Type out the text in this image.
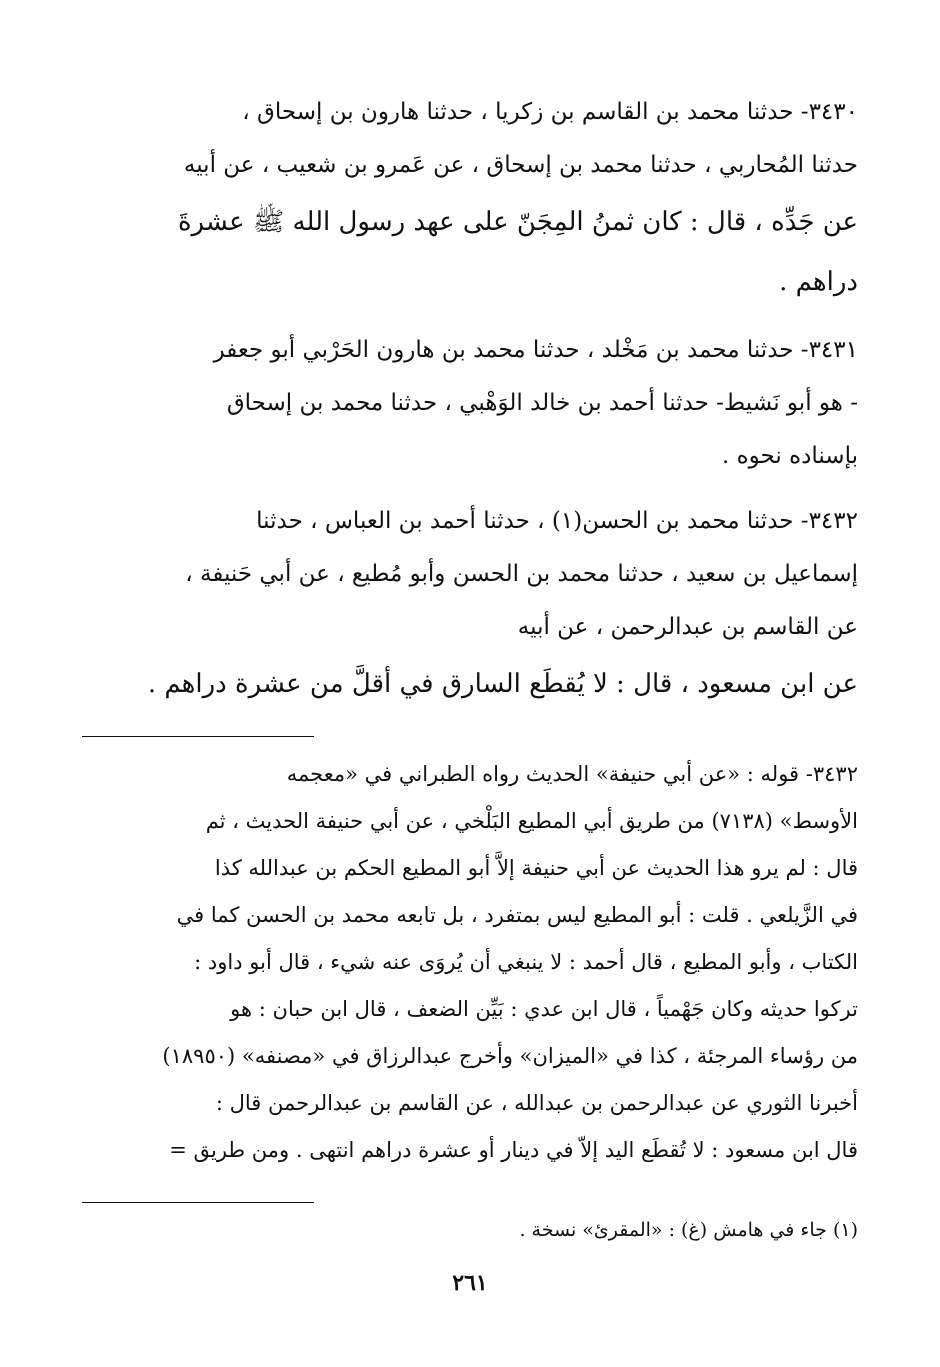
٣٤٣٠- حدثنا محمد بن القاسم بن زكريا ، حدثنا هارون بن إسحاق ،
حدثنا المُحاربي ، حدثنا محمد بن إسحاق ، عن عَمرو بن شعيب ، عن أبيه
عن جَدِّه ، قال : كان ثمنُ المِجَنّ على عهد رسول الله ﷺ عشرةَ
دراهم .
٣٤٣١- حدثنا محمد بن مَخْلد ، حدثنا محمد بن هارون الحَرْبي أبو جعفر
- هو أبو نَشيط- حدثنا أحمد بن خالد الوَهْبي ، حدثنا محمد بن إسحاق
بإسناده نحوه .
٣٤٣٢- حدثنا محمد بن الحسن(١) ، حدثنا أحمد بن العباس ، حدثنا
إسماعيل بن سعيد ، حدثنا محمد بن الحسن وأبو مُطيع ، عن أبي حَنيفة ،
عن القاسم بن عبدالرحمن ، عن أبيه
عن ابن مسعود ، قال : لا يُقطَع السارق في أقلَّ من عشرة دراهم .
٣٤٣٢- قوله : «عن أبي حنيفة» الحديث رواه الطبراني في «معجمه
الأوسط» (٧١٣٨) من طريق أبي المطيع البَلْخي ، عن أبي حنيفة الحديث ، ثم
قال : لم يرو هذا الحديث عن أبي حنيفة إلاَّ أبو المطيع الحكم بن عبدالله كذا
في الزَّيلعي . قلت : أبو المطيع ليس بمتفرد ، بل تابعه محمد بن الحسن كما في
الكتاب ، وأبو المطيع ، قال أحمد : لا ينبغي أن يُروَى عنه شيء ، قال أبو داود :
تركوا حديثه وكان جَهْمياً ، قال ابن عدي : بَيِّن الضعف ، قال ابن حبان : هو
من رؤساء المرجئة ، كذا في «الميزان» وأخرج عبدالرزاق في «مصنفه» (١٨٩٥٠)
أخبرنا الثوري عن عبدالرحمن بن عبدالله ، عن القاسم بن عبدالرحمن قال :
قال ابن مسعود : لا تُقطَع اليد إلاّ في دينار أو عشرة دراهم انتهى . ومن طريق =
(١) جاء في هامش (غ) : «المقرئ» نسخة .
٢٦١
